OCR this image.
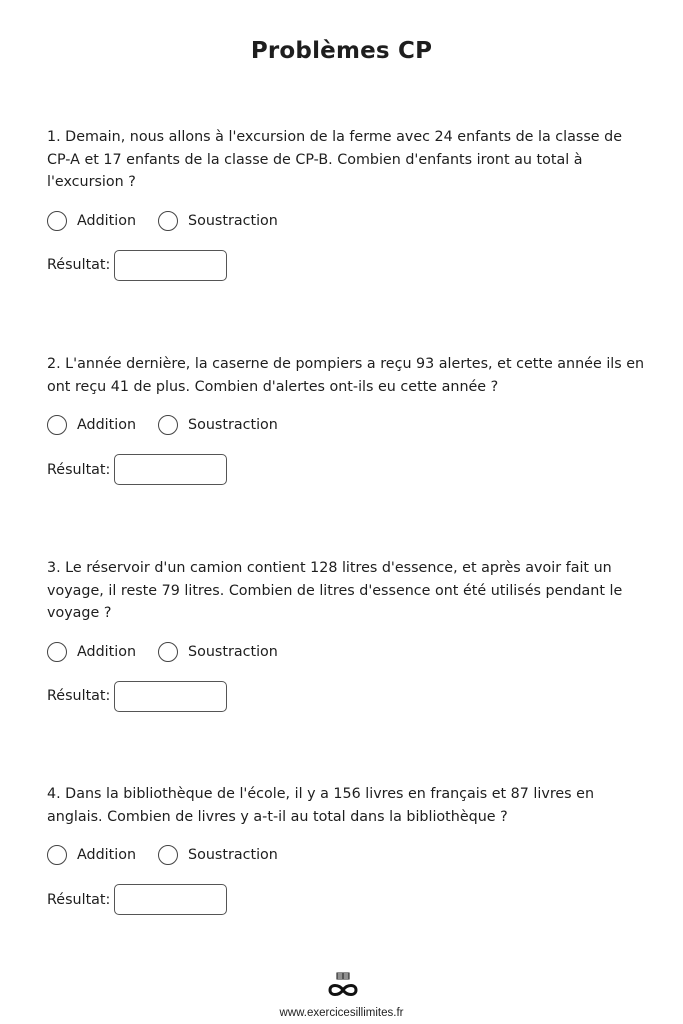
Problèmes CP

1. Demain, nous allons à l'excursion de la ferme avec 24 enfants de la classe de CP-A et 17 enfants de la classe de CP-B. Combien d'enfants iront au total à l'excursion ?

Addition	Soustraction
Résultat:

2. L'année dernière, la caserne de pompiers a reçu 93 alertes, et cette année ils en ont reçu 41 de plus. Combien d'alertes ont-ils eu cette année ?

Addition	Soustraction
Résultat:

3. Le réservoir d'un camion contient 128 litres d'essence, et après avoir fait un voyage, il reste 79 litres. Combien de litres d'essence ont été utilisés pendant le voyage ?

Addition	Soustraction
Résultat:

4. Dans la bibliothèque de l'école, il y a 156 livres en français et 87 livres en anglais. Combien de livres y a-t-il au total dans la bibliothèque ?

Addition	Soustraction
Résultat:
www.exercicesillimites.fr
